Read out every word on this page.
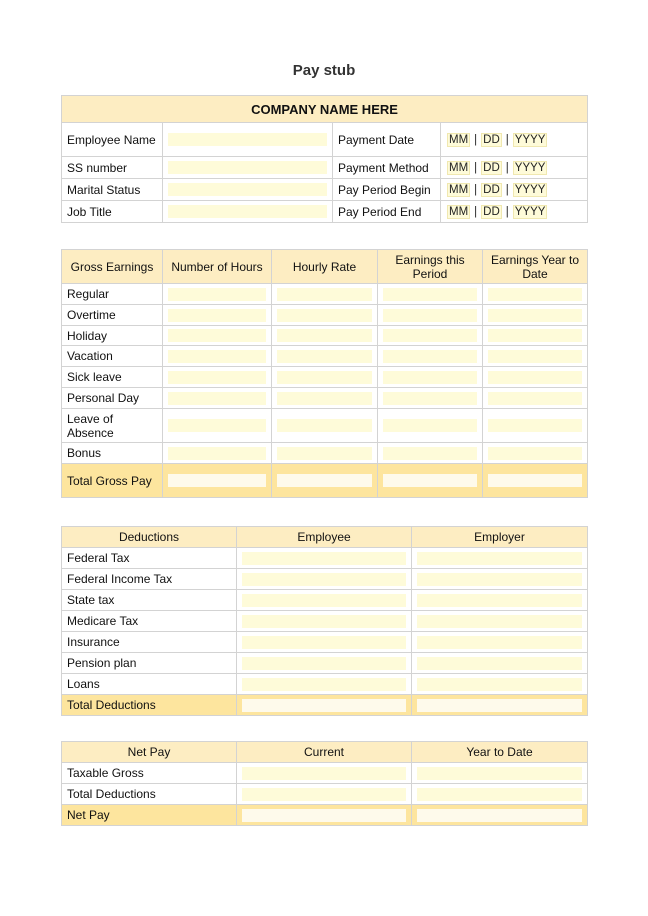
Pay stub
COMPANY NAME HERE			
Employee Name		Payment Date	MM | DD | YYYY

SS number		Payment Method	MM | DD | YYYY

Marital Status		Pay Period Begin	MM | DD | YYYY

Job Title		Pay Period End	MM | DD | YYYY
Gross Earnings	Number of Hours	Hourly Rate	Earnings this Period	Earnings Year to Date
Regular	

Overtime	

Holiday	

Vacation	

Sick leave	

Personal Day	

Leave of Absence	

Bonus	

Total Gross Pay	

Deductions	Employee	Employer
Federal Tax	

Federal Income Tax	

State tax	

Medicare Tax	

Insurance	

Pension plan	

Loans	

Total Deductions	

Net Pay	Current	Year to Date
Taxable Gross	

Total Deductions	

Net Pay	
